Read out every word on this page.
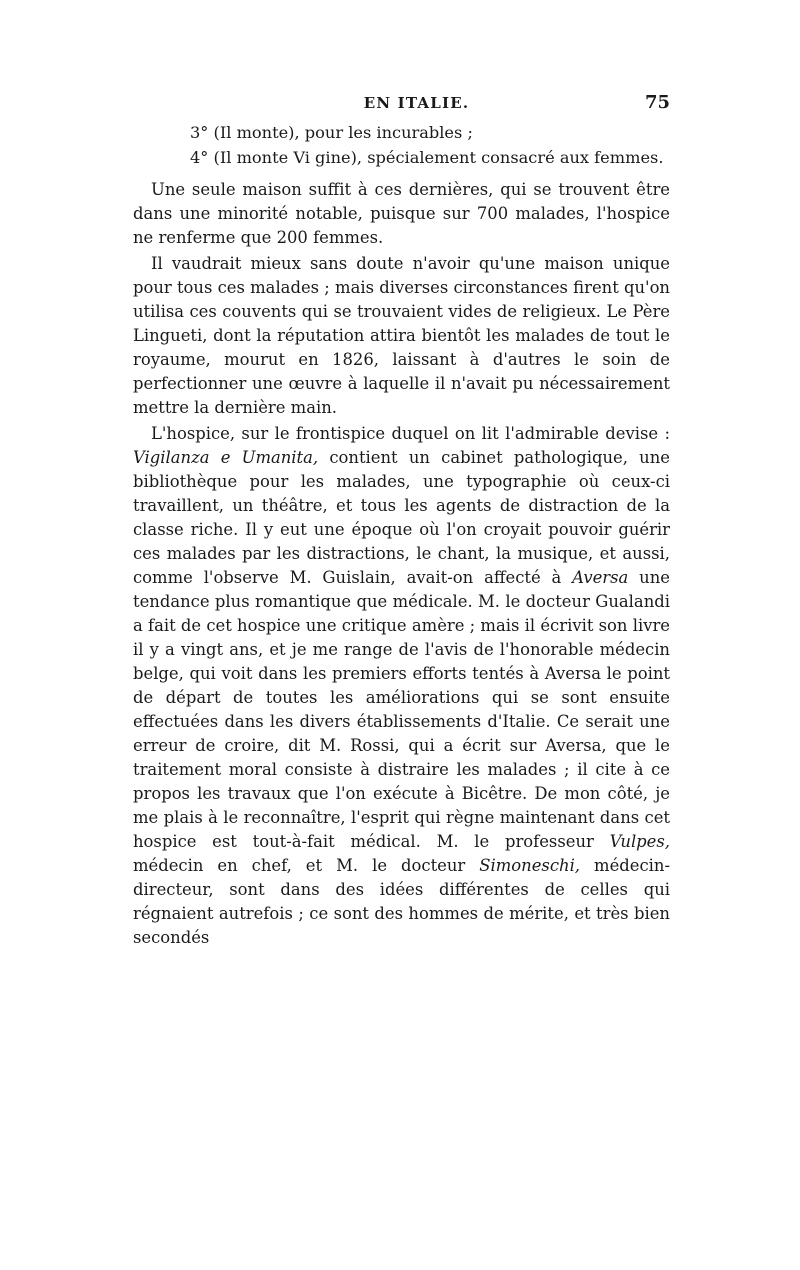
EN ITALIE.	75
3° (Il monte), pour les incurables ;
4° (Il monte Vi gine), spécialement consacré aux femmes.

Une seule maison suffit à ces dernières, qui se trouvent être dans une minorité notable, puisque sur 700 malades, l'hospice ne renferme que 200 femmes.

Il vaudrait mieux sans doute n'avoir qu'une maison unique pour tous ces malades ; mais diverses circonstances firent qu'on utilisa ces couvents qui se trouvaient vides de religieux. Le Père Lingueti, dont la réputation attira bientôt les malades de tout le royaume, mourut en 1826, laissant à d'autres le soin de perfectionner une œuvre à laquelle il n'avait pu nécessairement mettre la dernière main.

L'hospice, sur le frontispice duquel on lit l'admirable devise : Vigilanza e Umanita, contient un cabinet pathologique, une bibliothèque pour les malades, une typographie où ceux-ci travaillent, un théâtre, et tous les agents de distraction de la classe riche. Il y eut une époque où l'on croyait pouvoir guérir ces malades par les distractions, le chant, la musique, et aussi, comme l'observe M. Guislain, avait-on affecté à Aversa une tendance plus romantique que médicale. M. le docteur Gualandi a fait de cet hospice une critique amère ; mais il écrivit son livre il y a vingt ans, et je me range de l'avis de l'honorable médecin belge, qui voit dans les premiers efforts tentés à Aversa le point de départ de toutes les améliorations qui se sont ensuite effectuées dans les divers établissements d'Italie. Ce serait une erreur de croire, dit M. Rossi, qui a écrit sur Aversa, que le traitement moral consiste à distraire les malades ; il cite à ce propos les travaux que l'on exécute à Bicêtre. De mon côté, je me plais à le reconnaître, l'esprit qui règne maintenant dans cet hospice est tout-à-fait médical. M. le professeur Vulpes, médecin en chef, et M. le docteur Simoneschi, médecin-directeur, sont dans des idées différentes de celles qui régnaient autrefois ; ce sont des hommes de mérite, et très bien secondés
